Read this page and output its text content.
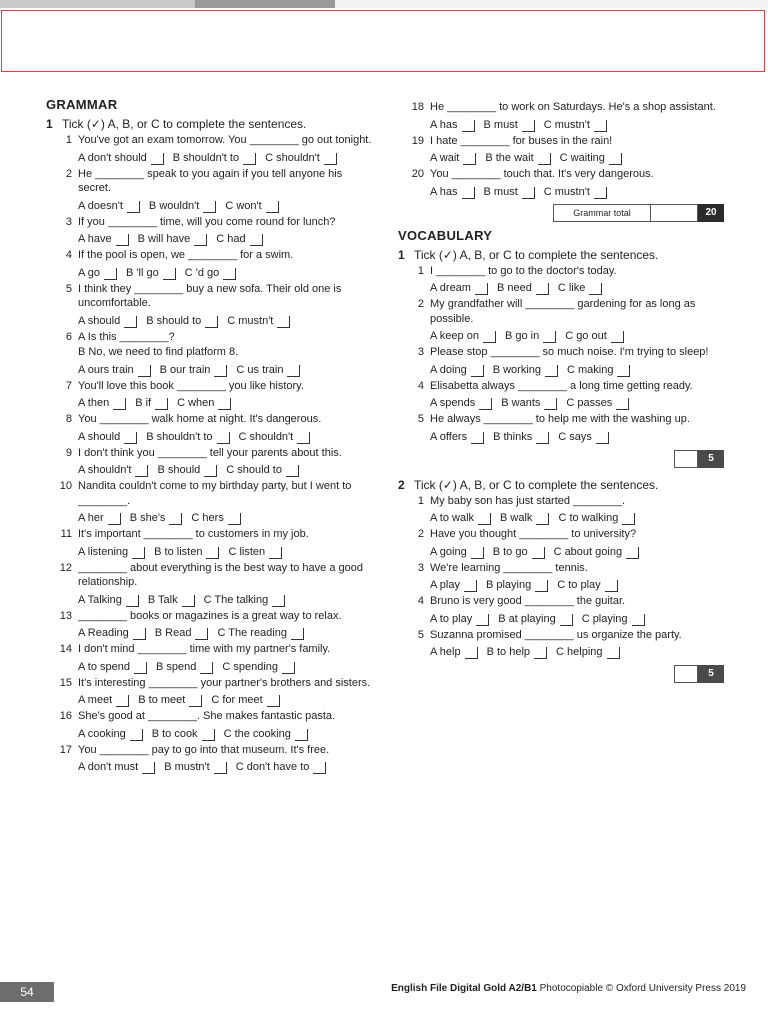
GRAMMAR
1 Tick (✓) A, B, or C to complete the sentences.
1 You've got an exam tomorrow. You ________ go out tonight.
A don't should B shouldn't to C shouldn't
2 He ________ speak to you again if you tell anyone his secret.
A doesn't B wouldn't C won't
3 If you ________ time, will you come round for lunch?
A have B will have C had
4 If the pool is open, we ________ for a swim.
A go B 'll go C 'd go
5 I think they ________ buy a new sofa. Their old one is uncomfortable.
A should B should to C mustn't
6 A Is this ________?
B No, we need to find platform 8.
A ours train B our train C us train
7 You'll love this book ________ you like history.
A then B if C when
8 You ________ walk home at night. It's dangerous.
A should B shouldn't to C shouldn't
9 I don't think you ________ tell your parents about this.
A shouldn't B should C should to
10 Nandita couldn't come to my birthday party, but I went to ________.
A her B she's C hers
11 It's important ________ to customers in my job.
A listening B to listen C listen
12 ________ about everything is the best way to have a good relationship.
A Talking B Talk C The talking
13 ________ books or magazines is a great way to relax.
A Reading B Read C The reading
14 I don't mind ________ time with my partner's family.
A to spend B spend C spending
15 It's interesting ________ your partner's brothers and sisters.
A meet B to meet C for meet
16 She's good at ________. She makes fantastic pasta.
A cooking B to cook C the cooking
17 You ________ pay to go into that museum. It's free.
A don't must B mustn't C don't have to
18 He ________ to work on Saturdays. He's a shop assistant.
A has B must C mustn't
19 I hate ________ for buses in the rain!
A wait B the wait C waiting
20 You ________ touch that. It's very dangerous.
A has B must C mustn't
Grammar total	20
VOCABULARY
1 Tick (✓) A, B, or C to complete the sentences.
1 I ________ to go to the doctor's today.
A dream B need C like
2 My grandfather will ________ gardening for as long as possible.
A keep on B go in C go out
3 Please stop ________ so much noise. I'm trying to sleep!
A doing B working C making
4 Elisabetta always ________ a long time getting ready.
A spends B wants C passes
5 He always ________ to help me with the washing up.
A offers B thinks C says
5
2 Tick (✓) A, B, or C to complete the sentences.
1 My baby son has just started ________.
A to walk B walk C to walking
2 Have you thought ________ to university?
A going B to go C about going
3 We're learning ________ tennis.
A play B playing C to play
4 Bruno is very good ________ the guitar.
A to play B at playing C playing
5 Suzanna promised ________ us organize the party.
A help B to help C helping
5
54	English File Digital Gold A2/B1 Photocopiable © Oxford University Press 2019
